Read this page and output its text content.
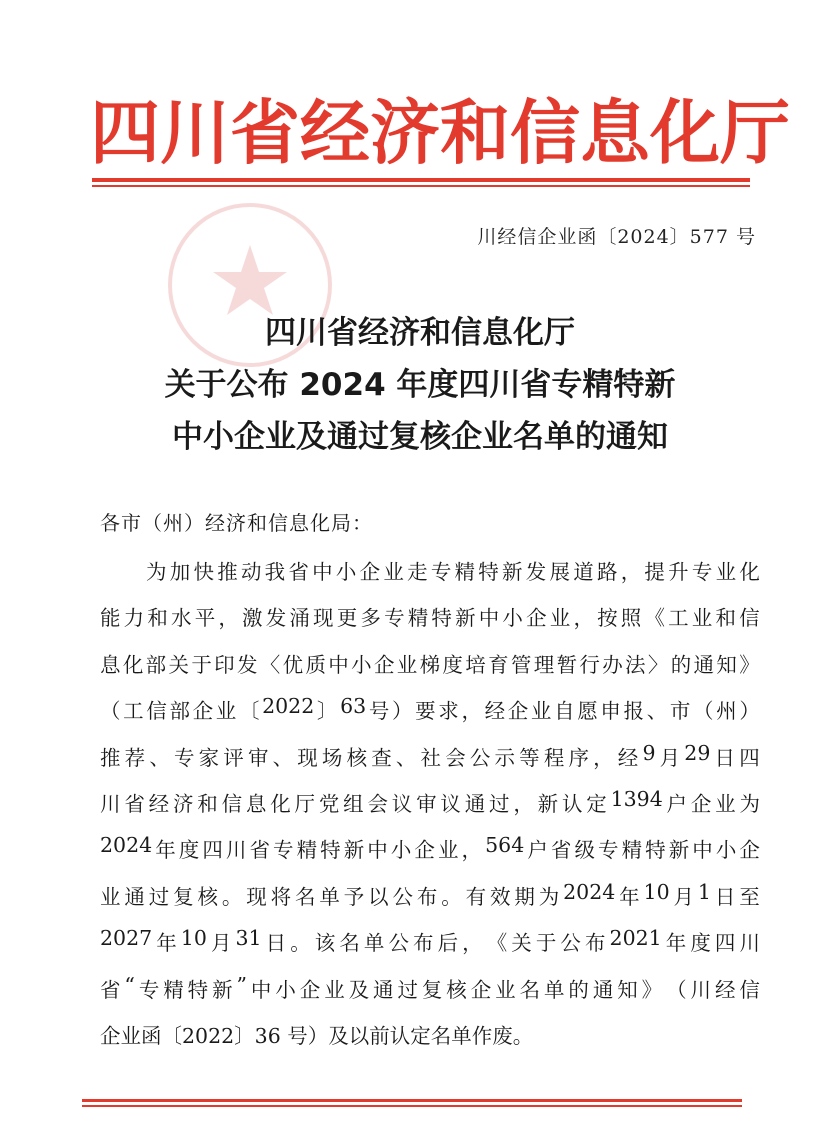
四 川 省 经 济 和 信 息 化 厅
川经信企业函〔2024〕577 号
四川省经济和信息化厅
关于公布 2024 年度四川省专精特新
中小企业及通过复核企业名单的通知
各市（州）经济和信息化局：
为 加 快 推 动 我 省 中 小 企 业 走 专 精 特 新 发 展 道 路 ， 提 升 专 业 化
能 力 和 水 平 ， 激 发 涌 现 更 多 专 精 特 新 中 小 企 业 ， 按 照 《 工 业 和 信
息 化 部 关 于 印 发 〈 优 质 中 小 企 业 梯 度 培 育 管 理 暂 行 办 法 〉 的 通 知 》
（ 工 信 部 企 业 〔 2022 〕 63 号 ） 要 求 ， 经 企 业 自 愿 申 报 、 市 （ 州 ）
推 荐 、 专 家 评 审 、 现 场 核 查 、 社 会 公 示 等 程 序 ， 经 9 月 29 日 四
川 省 经 济 和 信 息 化 厅 党 组 会 议 审 议 通 过 ， 新 认 定 1394 户 企 业 为
2024 年 度 四 川 省 专 精 特 新 中 小 企 业 ， 564 户 省 级 专 精 特 新 中 小 企
业 通 过 复 核 。 现 将 名 单 予 以 公 布 。 有 效 期 为 2024 年 10 月 1 日 至
2027 年 10 月 31 日 。 该 名 单 公 布 后 ， 《 关 于 公 布 2021 年 度 四 川
省 “ 专 精 特 新 ” 中 小 企 业 及 通 过 复 核 企 业 名 单 的 通 知 》 （ 川 经 信
企业函〔2022〕36 号）及以前认定名单作废。
